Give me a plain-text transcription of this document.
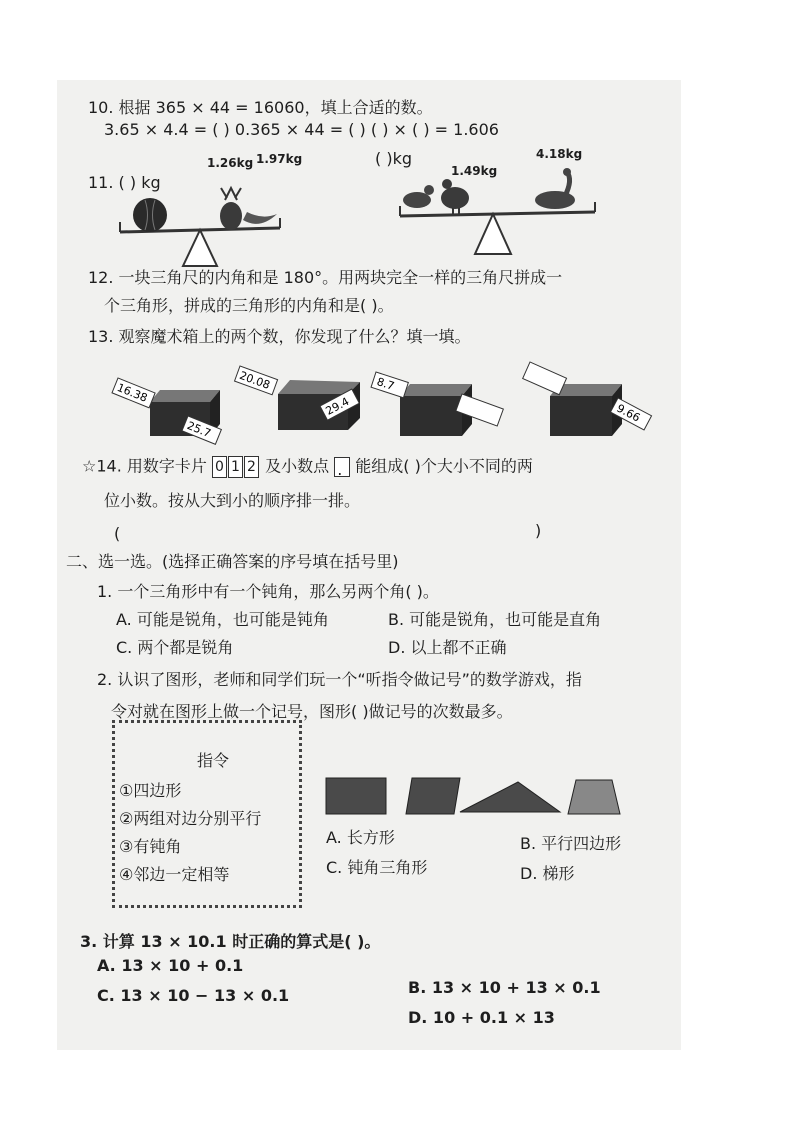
10. 根据 365 × 44 = 16060，填上合适的数。
3.65 × 4.4 = ( ) 0.365 × 44 = ( ) ( ) × ( ) = 1.606
11. ( ) kg
1.26kg 1.97kg	( )kg
1.49kg
4.18kg
12. 一块三角尺的内角和是 180°。用两块完全一样的三角尺拼成一
个三角形，拼成的三角形的内角和是( )。
13. 观察魔术箱上的两个数，你发现了什么？填一填。
16.38
25.7
20.08
29.4
8.7
9.66
☆14. 用数字卡片 0 1 2 及小数点 . 能组成( )个大小不同的两
位小数。按从大到小的顺序排一排。
(	)
二、选一选。(选择正确答案的序号填在括号里)
1. 一个三角形中有一个钝角，那么另两个角( )。
A. 可能是锐角，也可能是钝角	B. 可能是锐角，也可能是直角
C. 两个都是锐角	D. 以上都不正确
2. 认识了图形，老师和同学们玩一个“听指令做记号”的数学游戏，指
令对就在图形上做一个记号，图形( )做记号的次数最多。
指令
①四边形
②两组对边分别平行
③有钝角
④邻边一定相等
A. 长方形	B. 平行四边形
C. 钝角三角形	D. 梯形
3. 计算 13 × 10.1 时正确的算式是( )。
A. 13 × 10 + 0.1
B. 13 × 10 + 13 × 0.1
C. 13 × 10 − 13 × 0.1
D. 10 + 0.1 × 13
